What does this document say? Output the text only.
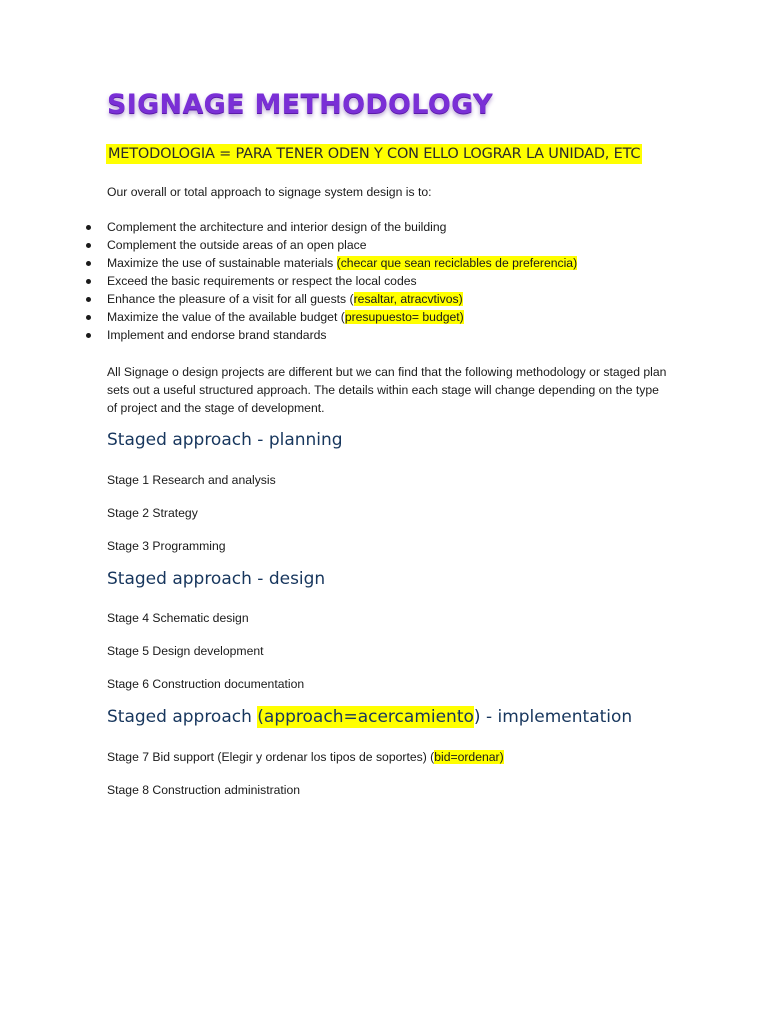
SIGNAGE METHODOLOGY
METODOLOGIA = PARA TENER ODEN Y CON ELLO LOGRAR LA UNIDAD, ETC

Our overall or total approach to signage system design is to:

Complement the architecture and interior design of the building
Complement the outside areas of an open place
Maximize the use of sustainable materials (checar que sean reciclables de preferencia)
Exceed the basic requirements or respect the local codes
Enhance the pleasure of a visit for all guests (resaltar, atracvtivos)
Maximize the value of the available budget (presupuesto= budget)
Implement and endorse brand standards

All Signage o design projects are different but we can find that the following methodology or staged plan sets out a useful structured approach. The details within each stage will change depending on the type of project and the stage of development.

Staged approach - planning

Stage 1 Research and analysis

Stage 2 Strategy

Stage 3 Programming

Staged approach - design

Stage 4 Schematic design

Stage 5 Design development

Stage 6 Construction documentation

Staged approach (approach=acercamiento) - implementation

Stage 7 Bid support (Elegir y ordenar los tipos de soportes) (bid=ordenar)

Stage 8 Construction administration
